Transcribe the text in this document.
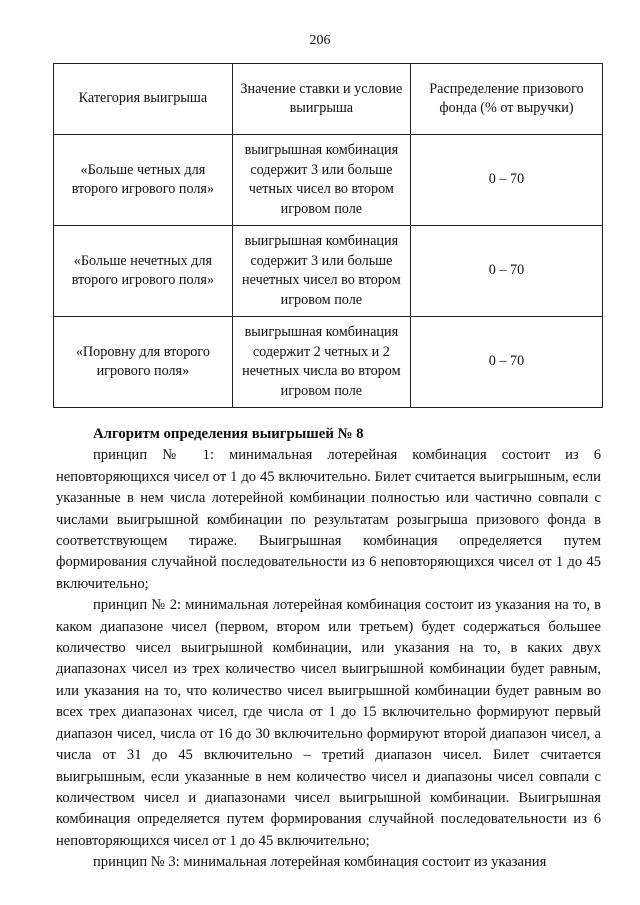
206
Категория выигрыша	Значение ставки и условие выигрыша	Распределение призового фонда (% от выручки)
«Больше четных для второго игрового поля»	выигрышная комбинация содержит 3 или больше четных чисел во втором игровом поле	0 – 70
«Больше нечетных для второго игрового поля»	выигрышная комбинация содержит 3 или больше нечетных чисел во втором игровом поле	0 – 70
«Поровну для второго игрового поля»	выигрышная комбинация содержит 2 четных и 2 нечетных числа во втором игровом поле	0 – 70
Алгоритм определения выигрышей № 8

принцип № 1: минимальная лотерейная комбинация состоит из 6 неповторяющихся чисел от 1 до 45 включительно. Билет считается выигрышным, если указанные в нем числа лотерейной комбинации полностью или частично совпали с числами выигрышной комбинации по результатам розыгрыша призового фонда в соответствующем тираже. Выигрышная комбинация определяется путем формирования случайной последовательности из 6 неповторяющихся чисел от 1 до 45 включительно;

принцип № 2: минимальная лотерейная комбинация состоит из указания на то, в каком диапазоне чисел (первом, втором или третьем) будет содержаться большее количество чисел выигрышной комбинации, или указания на то, в каких двух диапазонах чисел из трех количество чисел выигрышной комбинации будет равным, или указания на то, что количество чисел выигрышной комбинации будет равным во всех трех диапазонах чисел, где числа от 1 до 15 включительно формируют первый диапазон чисел, числа от 16 до 30 включительно формируют второй диапазон чисел, а числа от 31 до 45 включительно – третий диапазон чисел. Билет считается выигрышным, если указанные в нем количество чисел и диапазоны чисел совпали с количеством чисел и диапазонами чисел выигрышной комбинации. Выигрышная комбинация определяется путем формирования случайной последовательности из 6 неповторяющихся чисел от 1 до 45 включительно;

принцип № 3: минимальная лотерейная комбинация состоит из указания
